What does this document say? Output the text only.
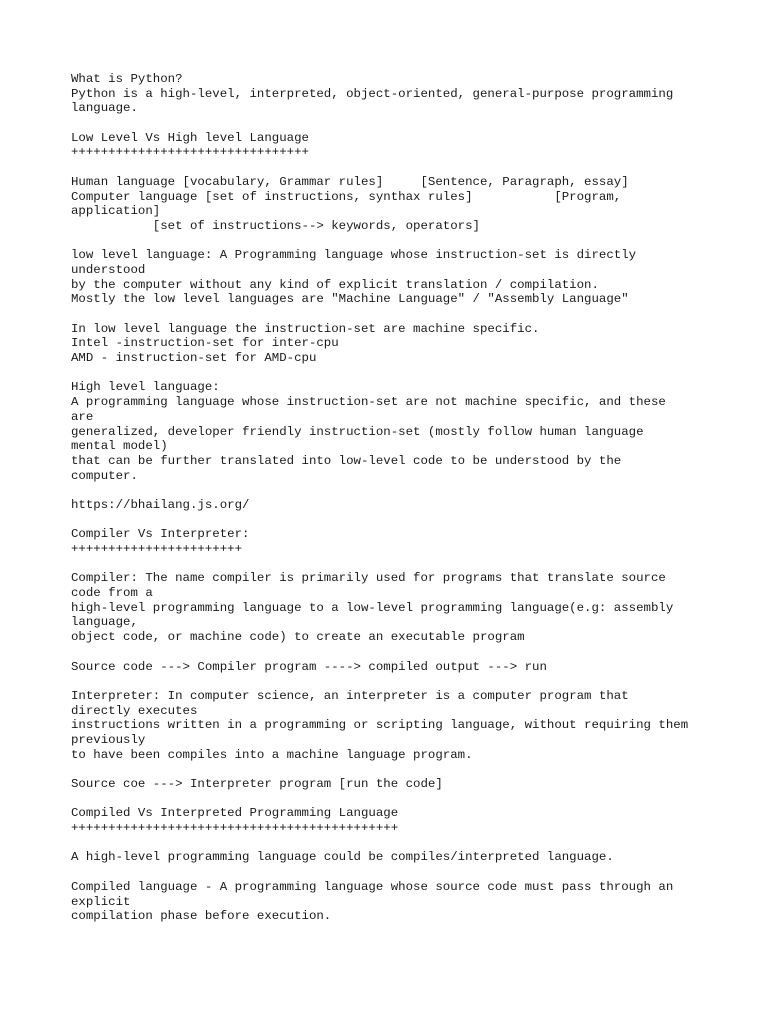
What is Python?
Python is a high-level, interpreted, object-oriented, general-purpose programming
language.
Low Level Vs High level Language
++++++++++++++++++++++++++++++++
Human language [vocabulary, Grammar rules]     [Sentence, Paragraph, essay]
Computer language [set of instructions, synthax rules]           [Program,
application]
[set of instructions--> keywords, operators]
low level language: A Programming language whose instruction-set is directly
understood
by the computer without any kind of explicit translation / compilation.
Mostly the low level languages are "Machine Language" / "Assembly Language"
In low level language the instruction-set are machine specific.
Intel -instruction-set for inter-cpu
AMD - instruction-set for AMD-cpu
High level language:
A programming language whose instruction-set are not machine specific, and these
are
generalized, developer friendly instruction-set (mostly follow human language
mental model)
that can be further translated into low-level code to be understood by the
computer.
https://bhailang.js.org/
Compiler Vs Interpreter:
+++++++++++++++++++++++
Compiler: The name compiler is primarily used for programs that translate source
code from a
high-level programming language to a low-level programming language(e.g: assembly
language,
object code, or machine code) to create an executable program
Source code ---> Compiler program ----> compiled output ---> run
Interpreter: In computer science, an interpreter is a computer program that
directly executes
instructions written in a programming or scripting language, without requiring them
previously
to have been compiles into a machine language program.
Source coe ---> Interpreter program [run the code]
Compiled Vs Interpreted Programming Language
++++++++++++++++++++++++++++++++++++++++++++
A high-level programming language could be compiles/interpreted language.
Compiled language - A programming language whose source code must pass through an
explicit
compilation phase before execution.
